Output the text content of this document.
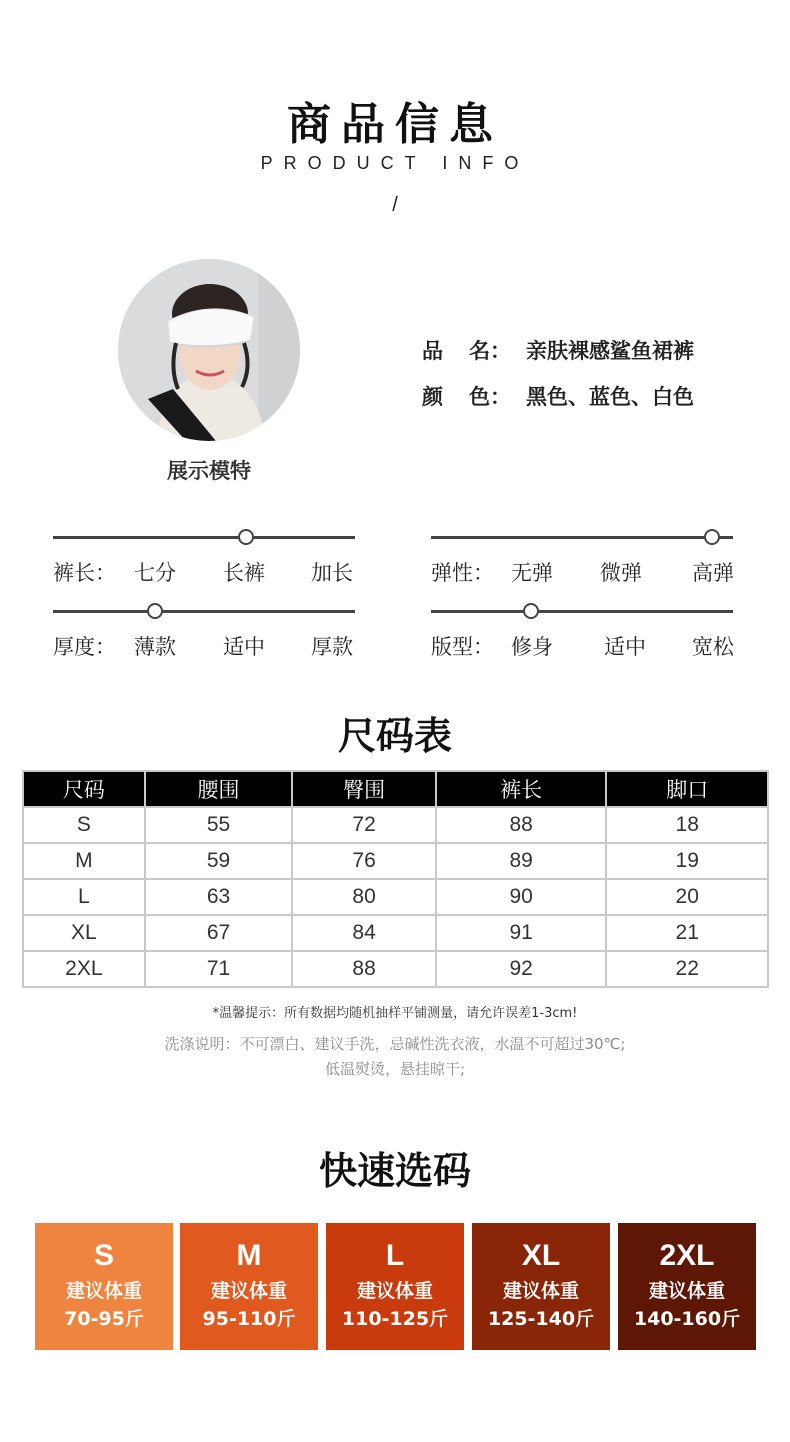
商品信息
PRODUCT INFO
/
展示模特
品 名： 亲肤裸感鲨鱼裙裤
颜 色： 黑色、蓝色、白色
裤长： 七分 长裤 加长	弹性： 无弹 微弹 高弹
厚度： 薄款 适中 厚款	版型： 修身 适中 宽松
尺码表
尺码	腰围	臀围	裤长	脚口
S	55	72	88	18
M	59	76	89	19
L	63	80	90	20
XL	67	84	91	21
2XL	71	88	92	22
*温馨提示：所有数据均随机抽样平铺测量，请允许误差1-3cm!
洗涤说明：不可漂白、建议手洗，忌碱性洗衣液，水温不可超过30℃;
低温熨烫，悬挂晾干;
快速选码
S
建议体重
70-95斤
M
建议体重
95-110斤
L
建议体重
110-125斤
XL
建议体重
125-140斤
2XL
建议体重
140-160斤
